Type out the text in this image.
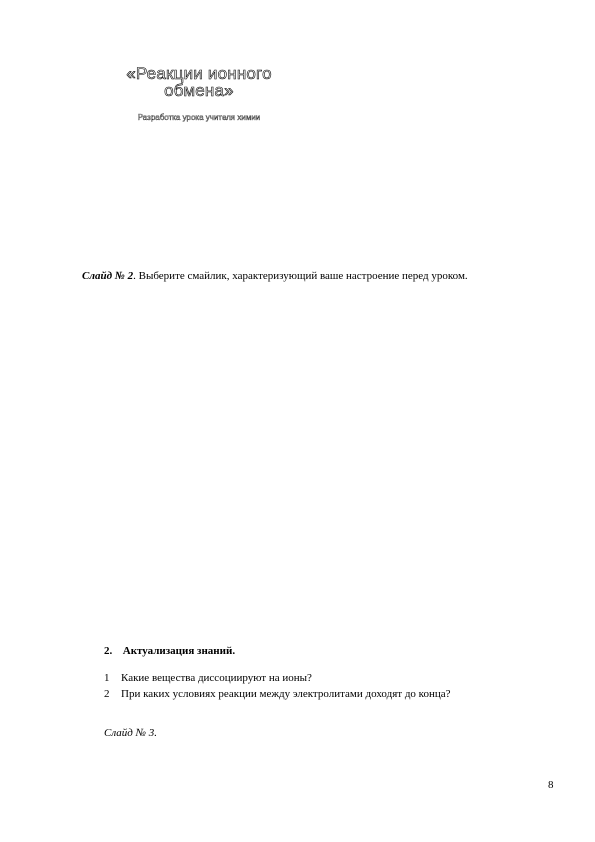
«Реакции ионного
обмена»
Разработка урока учителя химии
Слайд № 2. Выберите смайлик, характеризующий ваше настроение перед уроком.
2. Актуализация знаний.
1 Какие вещества диссоциируют на ионы?
2 При каких условиях реакции между электролитами доходят до конца?
Слайд № 3.
8
